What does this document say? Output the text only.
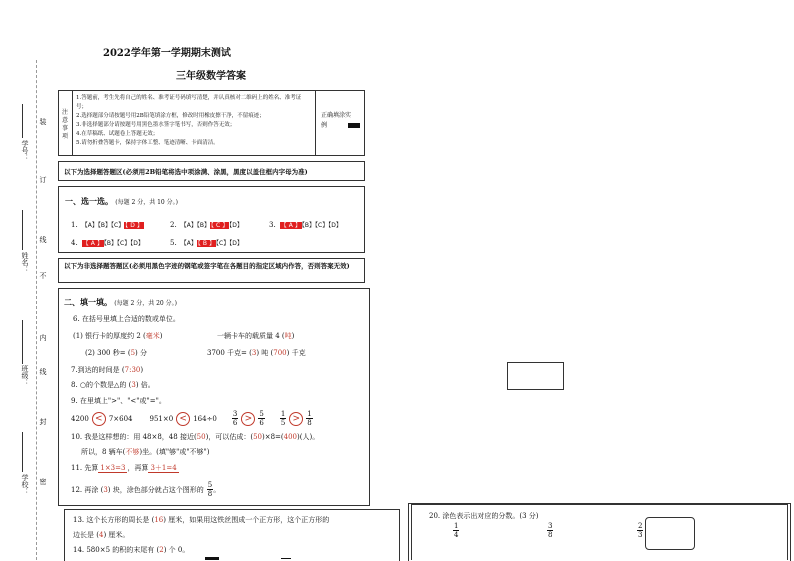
学号：
姓名：
班级：
学校：
装
订
线
不
内
线
封
密
2022学年第一学期期末测试
三年级数学答案
注意事项
1.答题前，考生先将自己的姓名、准考证号码填写清楚，并认真核对二维码上的姓名、准考证号；
2.选择题部分请按题号用2B铅笔填涂方框，修改时用橡皮擦干净，不留痕迹；
3.非选择题部分请按题号用黑色墨水签字笔书写，否则作答无效；
4.在草稿纸、试题卷上答题无效；
5.请勿折叠答题卡，保持字体工整、笔迹清晰、卡面清洁。
正确填涂实例
以下为选择题答题区(必须用2B铅笔将选中项涂满、涂黑，黑度以盖住框内字母为准)
一、选一选。 (每题 2 分，共 10 分。)
1. 【A】【B】【C】【 D 】	2. 【A】【B】【 C 】【D】	3. 【 A 】【B】【C】【D】
4. 【 A 】【B】【C】【D】	5. 【A】【 B 】【C】【D】
以下为非选择题答题区(必须用黑色字迹的钢笔或签字笔在各题目的指定区域内作答，否则答案无效)
二、填一填。 (每题 2 分，共 20 分。)
6. 在括号里填上合适的数或单位。
(1) 银行卡的厚度约 2 (毫米)	一辆卡车的载质量 4 (吨)
(2) 300 秒= (5) 分	3700 千克= (3) 吨 (700) 千克
7.到达的时间是 (7:30)
8. ○的个数是△的 (3) 倍。
9. 在里填上">"、"<"或"="。
4200 < 7×604 $951\times 0 < 164\div 0 \frac{3}{6} > \frac{5}{6} \frac{1}{5} > \frac{1}{8}$
10. 我是这样想的：用 48×8，48 接近(50)，可以估成：(50)×8=(400)(人)。
所以，8 辆车(不够)坐。(填"够"或"不够")
11. 先算 1×3=3 ，再算 3＋1=4
12. 再涂 ( 3 ) 块，涂色部分就占这个图形的 $\frac{5}{8}$ 。
13. 这个长方形的周长是 (16) 厘米，如果用这铁丝围成一个正方形，这个正方形的
边长是 (4) 厘米。
14. 580×5 的积的末尾有 (2) 个 0。
20. 涂色表示出对应的分数。(3 分)
$\frac{1}{4}$	$\frac{3}{8}$	$\frac{2}{3}$
